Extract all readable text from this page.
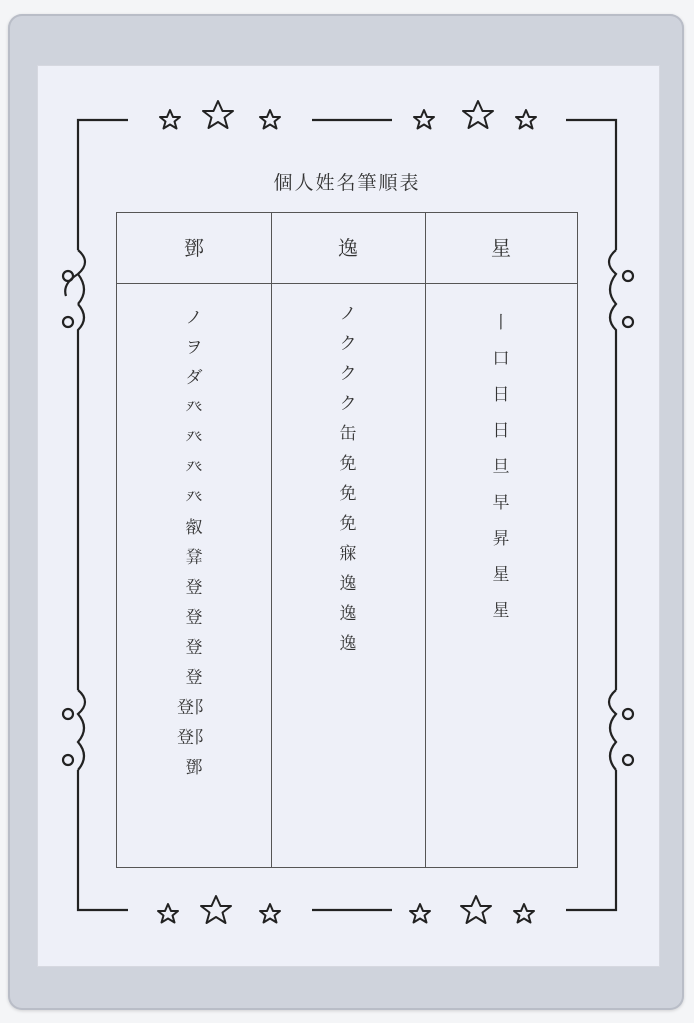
個人姓名筆順表
鄧	逸	星
ノ
ヲ
ダ
癶
癶
癶
癶
㕡
𤼷
登
登
登
登
登阝
登阝
鄧
ノ
ク
ク
ク
缶
免
免
免
㝥
逸
逸
逸
丨
口
日
日
旦
早
昇
星
星
